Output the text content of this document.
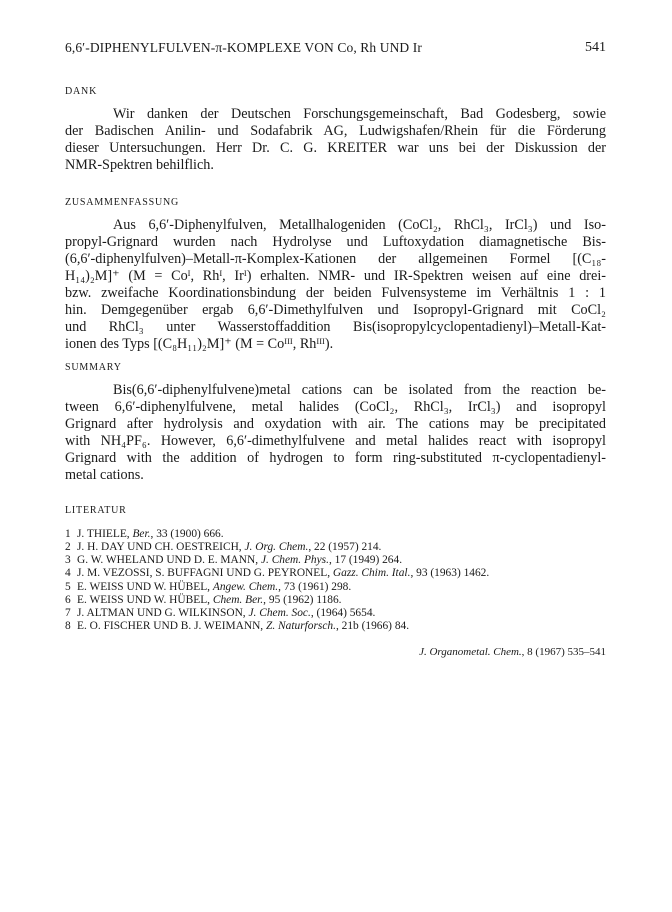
6,6′-DIPHENYLFULVEN-π-KOMPLEXE VON Co, Rh UND Ir	541
DANK
Wir danken der Deutschen Forschungsgemeinschaft, Bad Godesberg, sowie
der Badischen Anilin- und Sodafabrik AG, Ludwigshafen/Rhein für die Förderung
dieser Untersuchungen. Herr Dr. C. G. KREITER war uns bei der Diskussion der
NMR-Spektren behilflich.
ZUSAMMENFASSUNG
Aus 6,6′-Diphenylfulven, Metallhalogeniden (CoCl₂, RhCl₃, IrCl₃) und Iso-
propyl-Grignard wurden nach Hydrolyse und Luftoxydation diamagnetische Bis-
(6,6′-diphenylfulven)–Metall-π-Komplex-Kationen der allgemeinen Formel [(C₁₈-
H₁₄)₂M]⁺ (M = Coᴵ, Rhᴵ, Irᴵ) erhalten. NMR- und IR-Spektren weisen auf eine drei-
bzw. zweifache Koordinationsbindung der beiden Fulvensysteme im Verhältnis 1 : 1
hin. Demgegenüber ergab 6,6′-Dimethylfulven und Isopropyl-Grignard mit CoCl₂
und RhCl₃ unter Wasserstoffaddition Bis(isopropylcyclopentadienyl)–Metall-Kat-
ionen des Typs [(C₈H₁₁)₂M]⁺ (M = Coᴵᴵᴵ, Rhᴵᴵᴵ).
SUMMARY
Bis(6,6′-diphenylfulvene)metal cations can be isolated from the reaction be-
tween 6,6′-diphenylfulvene, metal halides (CoCl₂, RhCl₃, IrCl₃) and isopropyl
Grignard after hydrolysis and oxydation with air. The cations may be precipitated
with NH₄PF₆. However, 6,6′-dimethylfulvene and metal halides react with isopropyl
Grignard with the addition of hydrogen to form ring-substituted π-cyclopentadienyl-
metal cations.
LITERATUR
1 J. THIELE, Ber., 33 (1900) 666.
2 J. H. DAY UND CH. OESTREICH, J. Org. Chem., 22 (1957) 214.
3 G. W. WHELAND UND D. E. MANN, J. Chem. Phys., 17 (1949) 264.
4 J. M. VEZOSSI, S. BUFFAGNI UND G. PEYRONEL, Gazz. Chim. Ital., 93 (1963) 1462.
5 E. WEISS UND W. HÜBEL, Angew. Chem., 73 (1961) 298.
6 E. WEISS UND W. HÜBEL, Chem. Ber., 95 (1962) 1186.
7 J. ALTMAN UND G. WILKINSON, J. Chem. Soc., (1964) 5654.
8 E. O. FISCHER UND B. J. WEIMANN, Z. Naturforsch., 21b (1966) 84.
J. Organometal. Chem., 8 (1967) 535–541
